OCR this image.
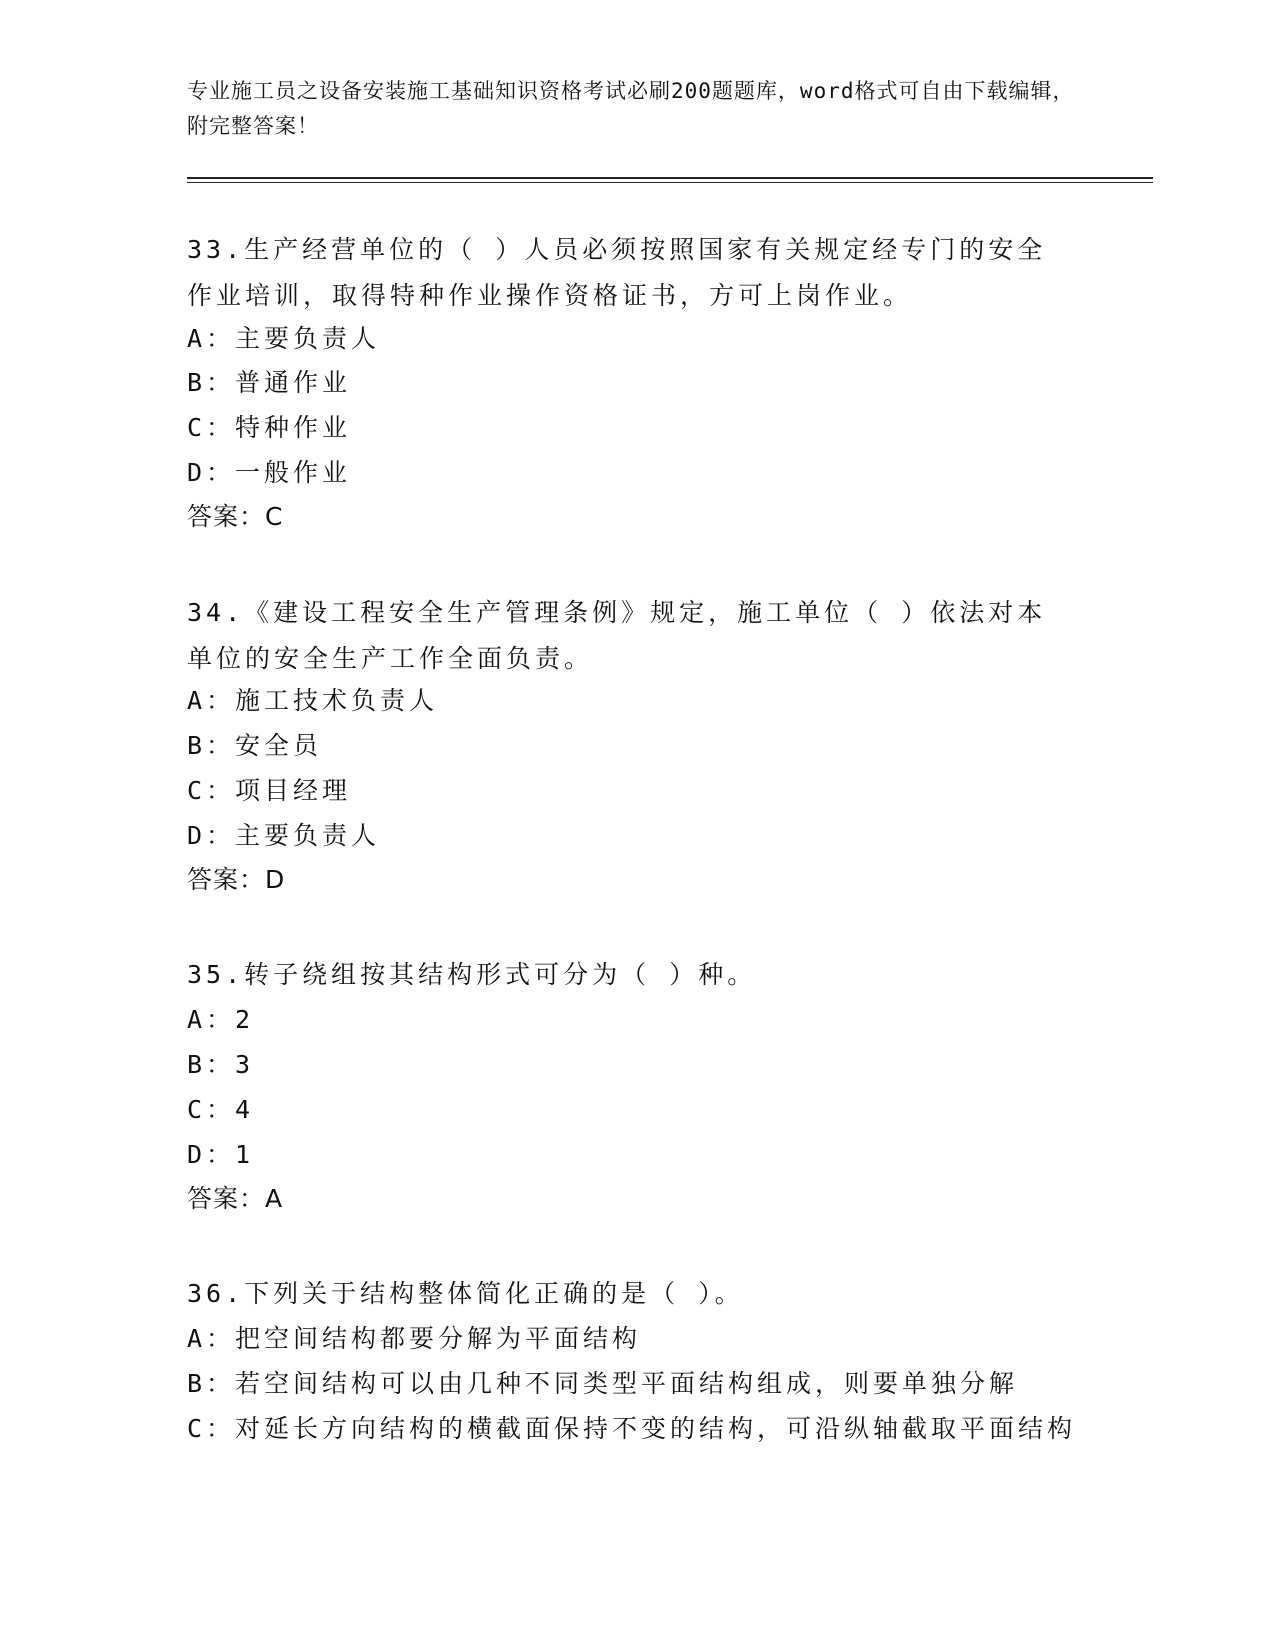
专业施工员之设备安装施工基础知识资格考试必刷200题题库，word格式可自由下载编辑，附完整答案！
33.生产经营单位的（ ）人员必须按照国家有关规定经专门的安全作业培训，取得特种作业操作资格证书，方可上岗作业。
A：主要负责人
B：普通作业
C：特种作业
D：一般作业
答案：C
34.《建设工程安全生产管理条例》规定，施工单位（ ）依法对本单位的安全生产工作全面负责。
A：施工技术负责人
B：安全员
C：项目经理
D：主要负责人
答案：D
35.转子绕组按其结构形式可分为（ ）种。
A：2
B：3
C：4
D：1
答案：A
36.下列关于结构整体简化正确的是（ ）。
A：把空间结构都要分解为平面结构
B：若空间结构可以由几种不同类型平面结构组成，则要单独分解
C：对延长方向结构的横截面保持不变的结构，可沿纵轴截取平面结构
